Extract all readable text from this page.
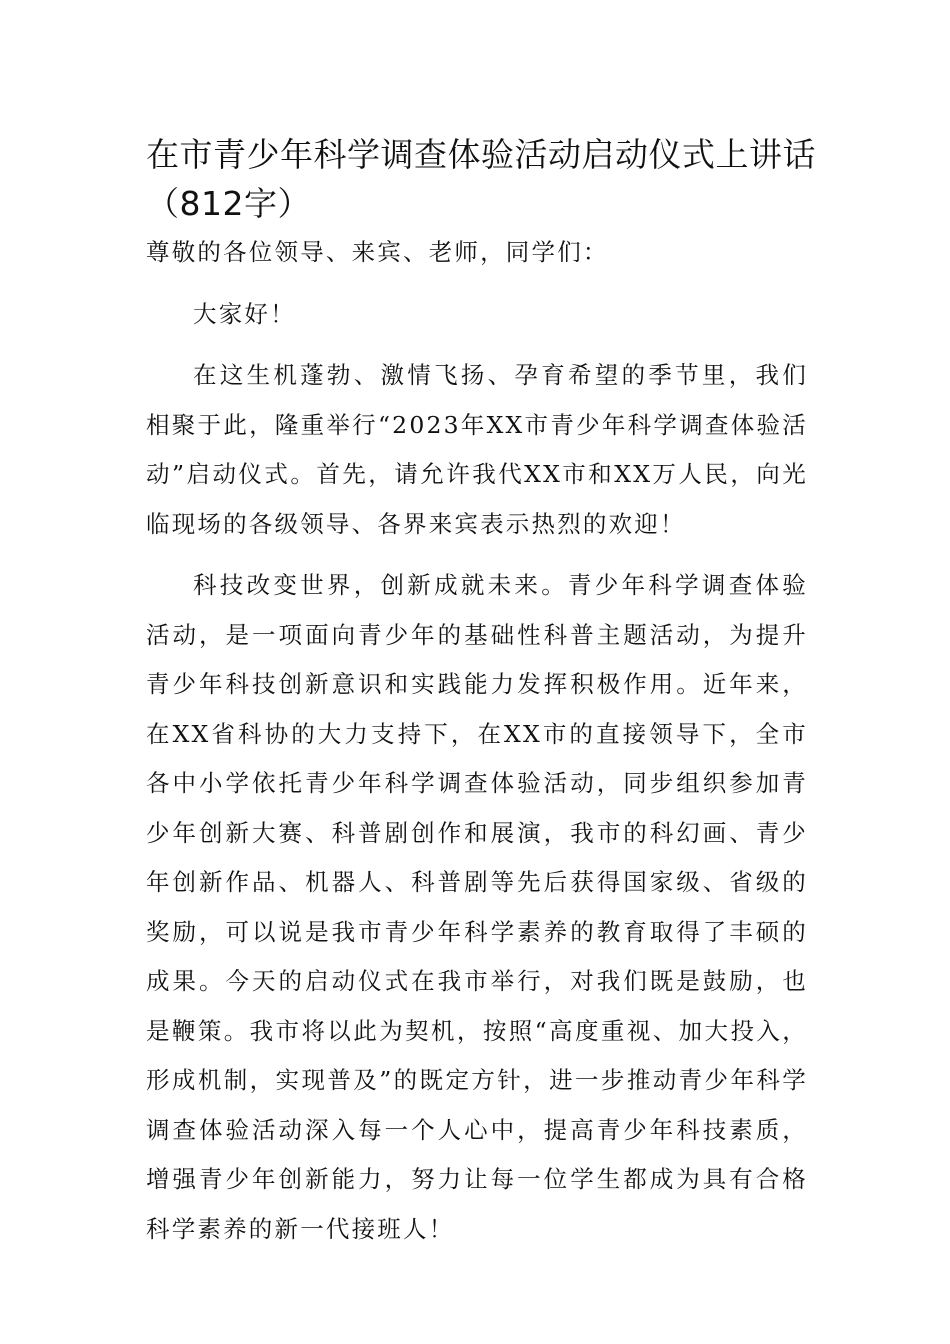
在市青少年科学调查体验活动启动仪式上讲话（812字）

尊敬的各位领导、来宾、老师，同学们：

大家好！

在这生机蓬勃、激情飞扬、孕育希望的季节里，我们相聚于此，隆重举行“2023年XX市青少年科学调查体验活动”启动仪式。首先，请允许我代XX市和XX万人民，向光临现场的各级领导、各界来宾表示热烈的欢迎！

科技改变世界，创新成就未来。青少年科学调查体验活动，是一项面向青少年的基础性科普主题活动，为提升青少年科技创新意识和实践能力发挥积极作用。近年来，在XX省科协的大力支持下，在XX市的直接领导下，全市各中小学依托青少年科学调查体验活动，同步组织参加青少年创新大赛、科普剧创作和展演，我市的科幻画、青少年创新作品、机器人、科普剧等先后获得国家级、省级的奖励，可以说是我市青少年科学素养的教育取得了丰硕的成果。今天的启动仪式在我市举行，对我们既是鼓励，也是鞭策。我市将以此为契机，按照“高度重视、加大投入，形成机制，实现普及”的既定方针，进一步推动青少年科学调查体验活动深入每一个人心中，提高青少年科技素质，增强青少年创新能力，努力让每一位学生都成为具有合格科学素养的新一代接班人！
